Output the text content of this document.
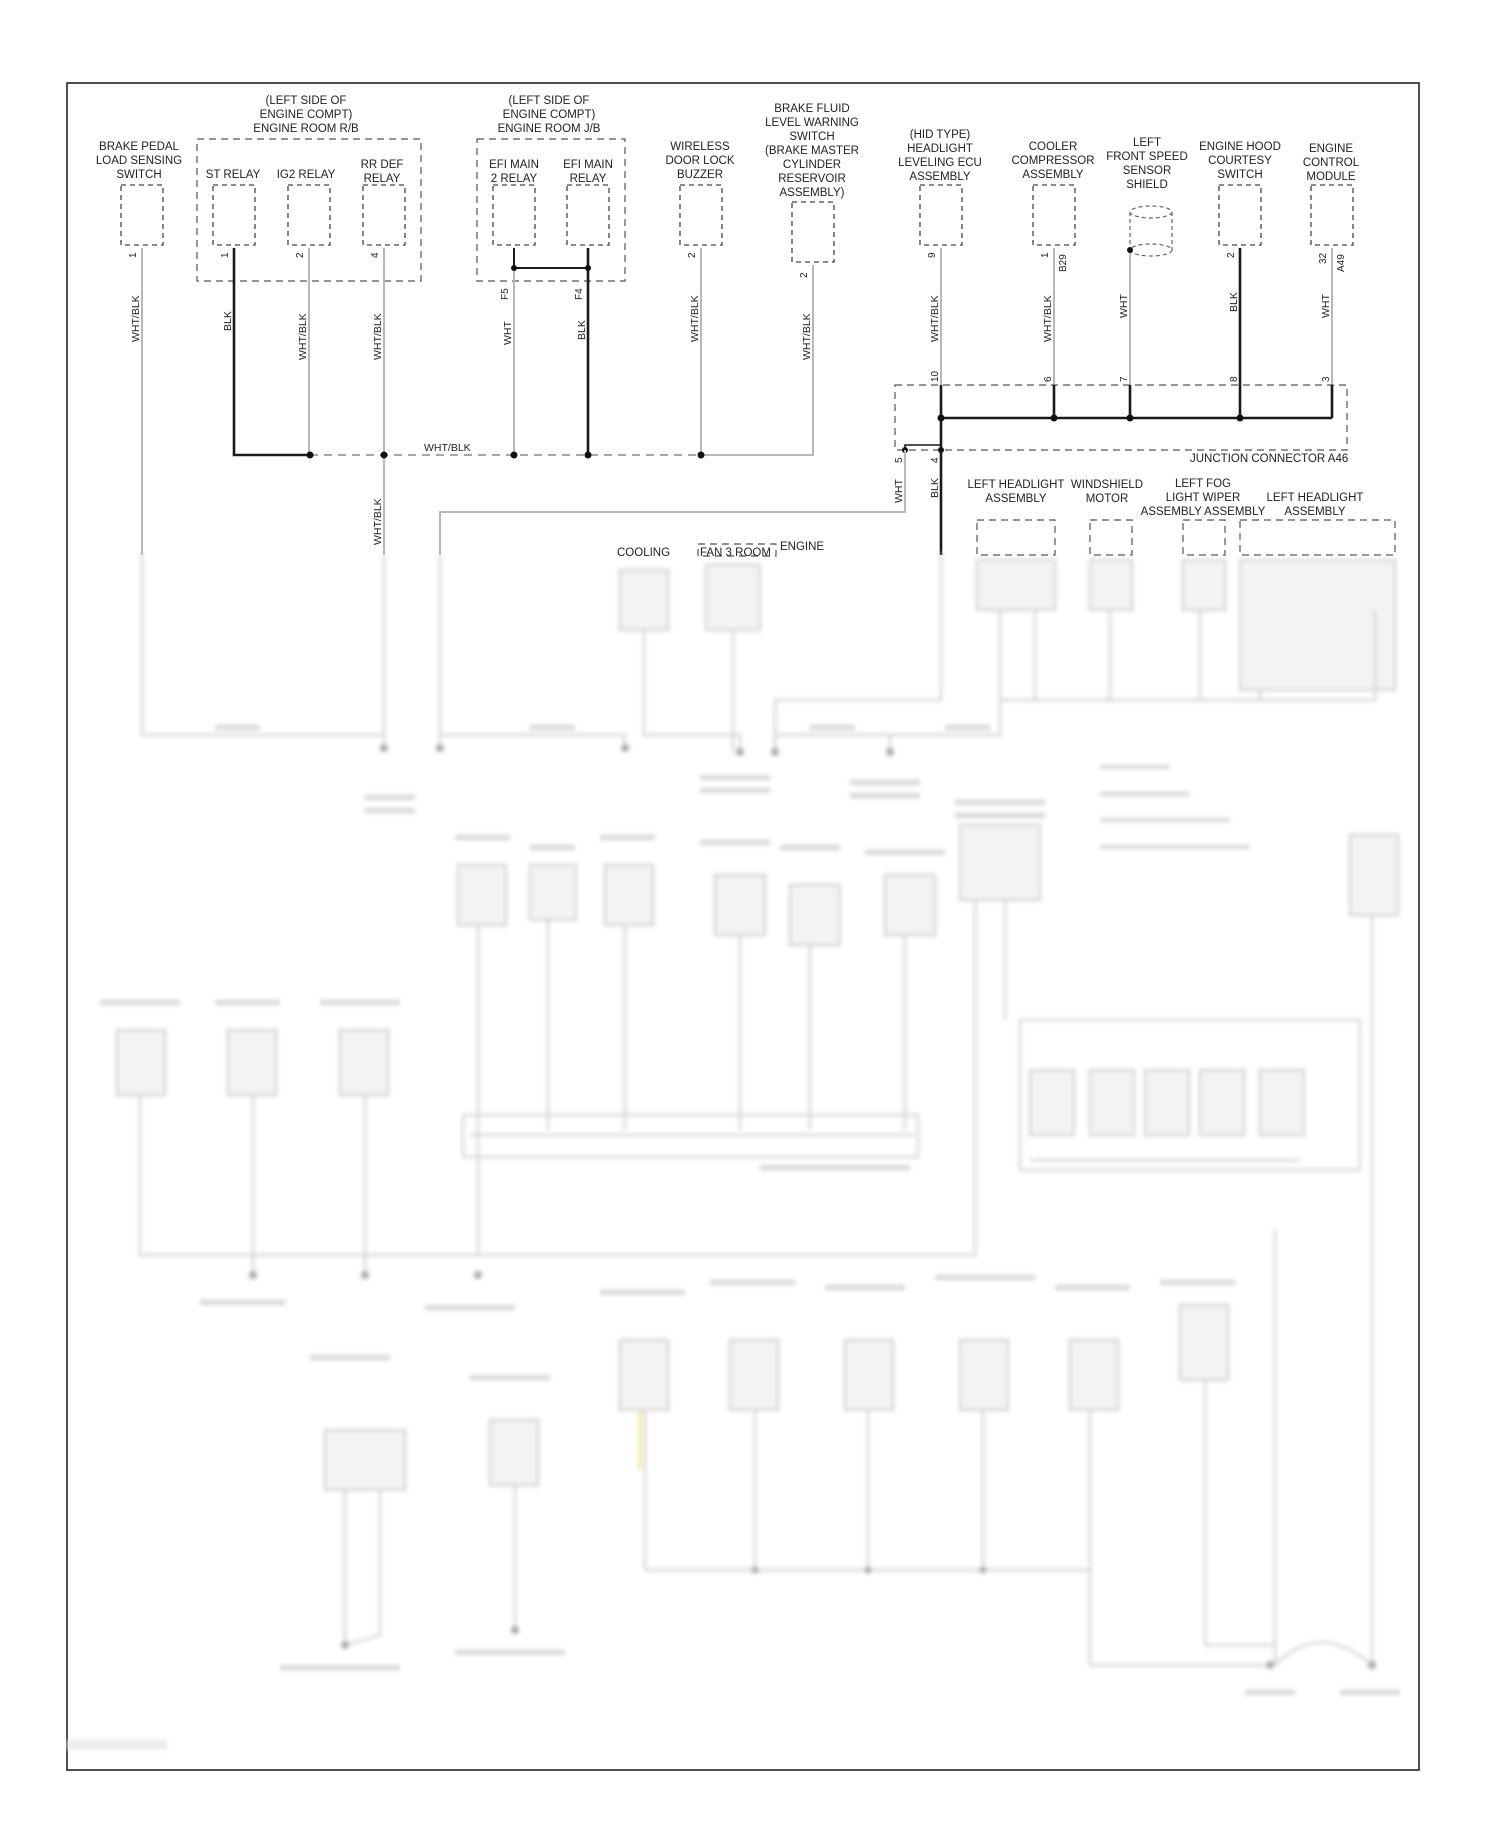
BRAKE PEDAL
LOAD SENSING
SWITCH
(LEFT SIDE OF
ENGINE COMPT)
ENGINE ROOM R/B
ST RELAY IG2 RELAY
RR DEF
RELAY
(LEFT SIDE OF
ENGINE COMPT)
ENGINE ROOM J/B
EFI MAIN
2 RELAY
EFI MAIN
RELAY
WIRELESS
DOOR LOCK
BUZZER
BRAKE FLUID
LEVEL WARNING
SWITCH
(BRAKE MASTER
CYLINDER
RESERVOIR
ASSEMBLY)
(HID TYPE)
HEADLIGHT
LEVELING ECU
ASSEMBLY
COOLER
COMPRESSOR
ASSEMBLY
LEFT
FRONT SPEED
SENSOR
SHIELD
ENGINE HOOD
COURTESY
SWITCH
ENGINE
CONTROL
MODULE
1	1	2	4
F5	F4
2
2
9	1 B29	2	32 A49
WHT/BLK	BLK	WHT/BLK	WHT/BLK	WHT	BLK	WHT/BLK	WHT/BLK	WHT/BLK	WHT/BLK	WHT	BLK	WHT
WHT/BLK
WHT/BLK
10	6	7	8	3
5	4	JUNCTION CONNECTOR A46
WHT BLK LEFT HEADLIGHT
ASSEMBLY
WINDSHIELD
MOTOR
LEFT FOG
LIGHT WIPER
ASSEMBLY ASSEMBLY
LEFT HEADLIGHT
ASSEMBLY
COOLING	FAN 3 ROOM ENGINE
